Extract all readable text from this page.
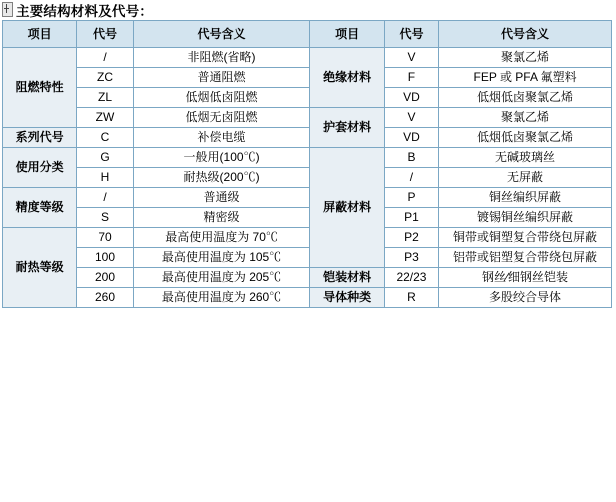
主要结构材料及代号：
项目	代号	代号含义	项目	代号	代号含义
阻燃特性	/	非阻燃(省略)	绝缘材料	V	聚氯乙烯
	ZC	普通阻燃		F	FEP 或 PFA 氟塑料
	ZL	低烟低卤阻燃		VD	低烟低卤聚氯乙烯
	ZW	低烟无卤阻燃	护套材料	V	聚氯乙烯
系列代号	C	补偿电缆		VD	低烟低卤聚氯乙烯
使用分类	G	一般用(100℃)	屏蔽材料	B	无碱玻璃丝
	H	耐热级(200℃)		/	无屏蔽
精度等级	/	普通级		P	铜丝编织屏蔽
	S	精密级		P1	镀锡铜丝编织屏蔽
耐热等级	70	最高使用温度为 70℃		P2	铜带或铜塑复合带绕包屏蔽
	100	最高使用温度为 105℃		P3	铝带或铝塑复合带绕包屏蔽
	200	最高使用温度为 205℃	铠装材料	22/23	钢丝∕细钢丝铠装
	260	最高使用温度为 260℃	导体种类	R	多股绞合导体
